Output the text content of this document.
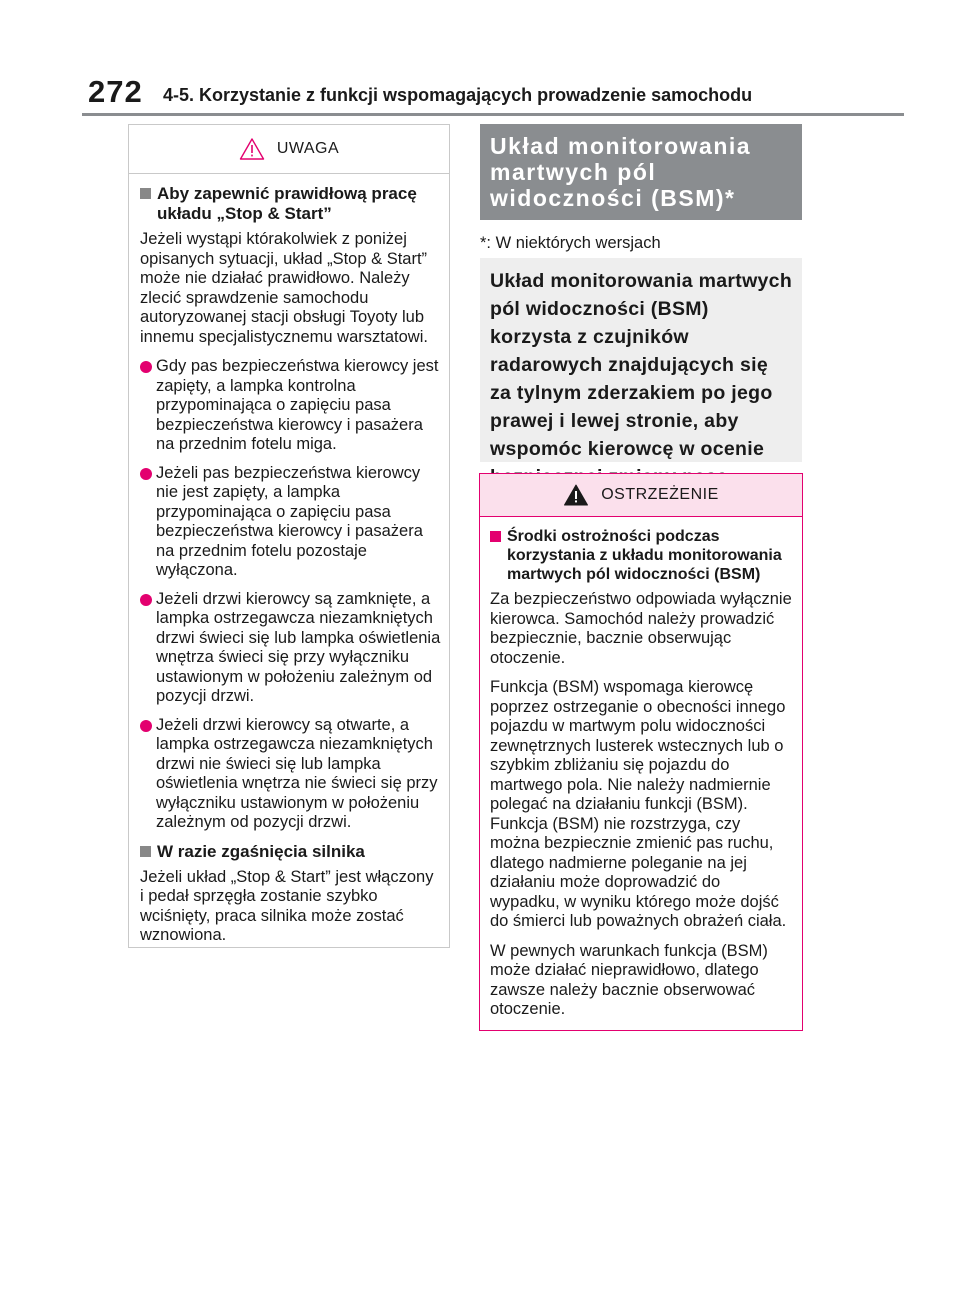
272 4-5. Korzystanie z funkcji wspomagających prowadzenie samochodu
UWAGA
Aby zapewnić prawidłową pracę układu „Stop & Start”
Jeżeli wystąpi którakolwiek z poniżej opisanych sytuacji, układ „Stop & Start” może nie działać prawidłowo. Należy zlecić sprawdzenie samochodu autoryzowanej stacji obsługi Toyoty lub innemu specjalistycznemu warsztatowi.
Gdy pas bezpieczeństwa kierowcy jest zapięty, a lampka kontrolna przypominająca o zapięciu pasa bezpieczeństwa kierowcy i pasażera na przednim fotelu miga.
Jeżeli pas bezpieczeństwa kierowcy nie jest zapięty, a lampka przypominająca o zapięciu pasa bezpieczeństwa kierowcy i pasażera na przednim fotelu pozostaje wyłączona.
Jeżeli drzwi kierowcy są zamknięte, a lampka ostrzegawcza niezamkniętych drzwi świeci się lub lampka oświetlenia wnętrza świeci się przy wyłączniku ustawionym w położeniu zależnym od pozycji drzwi.
Jeżeli drzwi kierowcy są otwarte, a lampka ostrzegawcza niezamkniętych drzwi nie świeci się lub lampka oświetlenia wnętrza nie świeci się przy wyłączniku ustawionym w położeniu zależnym od pozycji drzwi.
W razie zgaśnięcia silnika
Jeżeli układ „Stop & Start” jest włączony i pedał sprzęgła zostanie szybko wciśnięty, praca silnika może zostać wznowiona.
Układ monitorowania martwych pól widoczności (BSM)*
*: W niektórych wersjach
Układ monitorowania martwych pól widoczności (BSM) korzysta z czujników radarowych znajdujących się za tylnym zderzakiem po jego prawej i lewej stronie, aby wspomóc kierowcę w ocenie
OSTRZEŻENIE
Środki ostrożności podczas korzystania z układu monitorowania martwych pól widoczności (BSM)
Za bezpieczeństwo odpowiada wyłącznie kierowca. Samochód należy prowadzić bezpiecznie, bacznie obserwując otoczenie.
Funkcja (BSM) wspomaga kierowcę poprzez ostrzeganie o obecności innego pojazdu w martwym polu widoczności zewnętrznych lusterek wstecznych lub o szybkim zbliżaniu się pojazdu do martwego pola. Nie należy nadmiernie polegać na działaniu funkcji (BSM). Funkcja (BSM) nie rozstrzyga, czy można bezpiecznie zmienić pas ruchu, dlatego nadmierne poleganie na jej działaniu może doprowadzić do wypadku, w wyniku którego może dojść do śmierci lub poważnych obrażeń ciała.
W pewnych warunkach funkcja (BSM) może działać nieprawidłowo, dlatego zawsze należy bacznie obserwować otoczenie.
